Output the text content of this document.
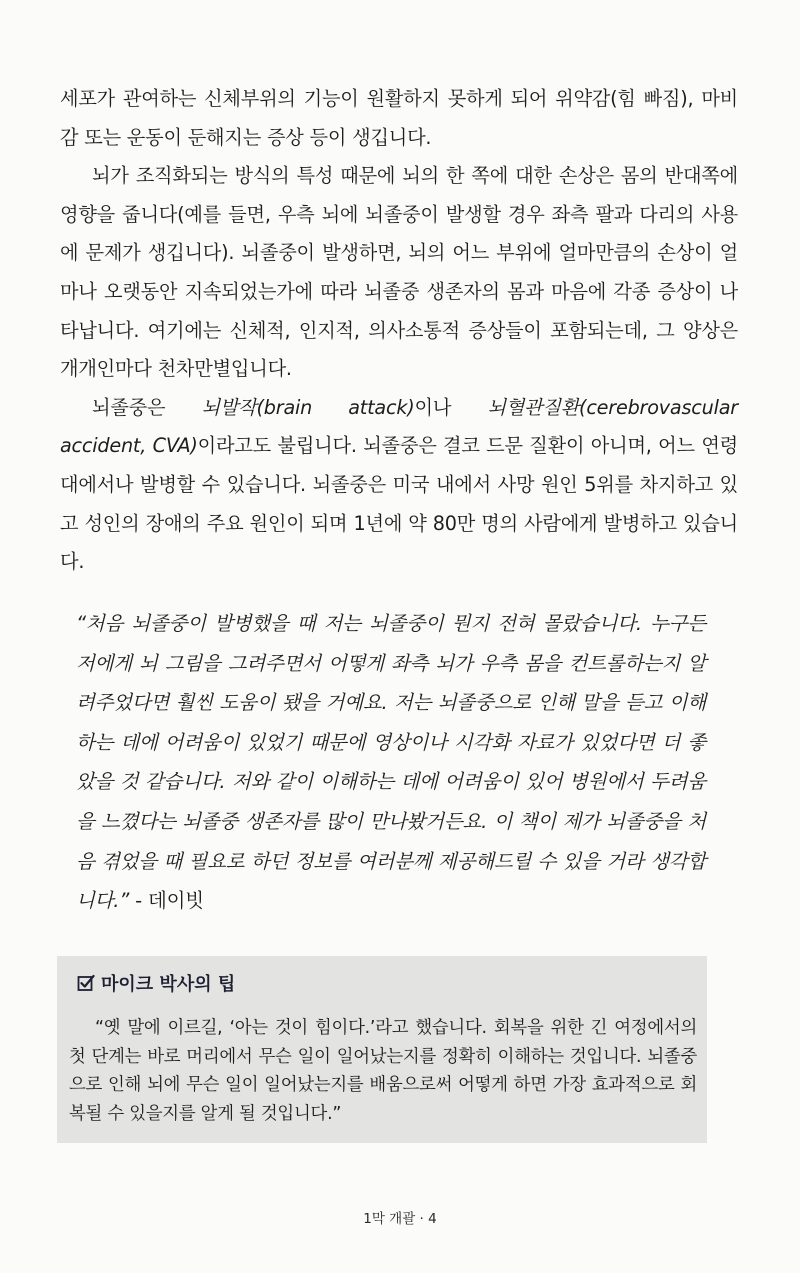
세포가 관여하는 신체부위의 기능이 원활하지 못하게 되어 위약감(힘 빠짐), 마비감 또는 운동이 둔해지는 증상 등이 생깁니다.

뇌가 조직화되는 방식의 특성 때문에 뇌의 한 쪽에 대한 손상은 몸의 반대쪽에 영향을 줍니다(예를 들면, 우측 뇌에 뇌졸중이 발생할 경우 좌측 팔과 다리의 사용에 문제가 생깁니다). 뇌졸중이 발생하면, 뇌의 어느 부위에 얼마만큼의 손상이 얼마나 오랫동안 지속되었는가에 따라 뇌졸중 생존자의 몸과 마음에 각종 증상이 나타납니다. 여기에는 신체적, 인지적, 의사소통적 증상들이 포함되는데, 그 양상은 개개인마다 천차만별입니다.

뇌졸중은 뇌발작(brain attack)이나 뇌혈관질환(cerebrovascular accident, CVA)이라고도 불립니다. 뇌졸중은 결코 드문 질환이 아니며, 어느 연령대에서나 발병할 수 있습니다. 뇌졸중은 미국 내에서 사망 원인 5위를 차지하고 있고 성인의 장애의 주요 원인이 되며 1년에 약 80만 명의 사람에게 발병하고 있습니다.

“처음 뇌졸중이 발병했을 때 저는 뇌졸중이 뭔지 전혀 몰랐습니다. 누구든 저에게 뇌 그림을 그려주면서 어떻게 좌측 뇌가 우측 몸을 컨트롤하는지 알려주었다면 훨씬 도움이 됐을 거예요. 저는 뇌졸중으로 인해 말을 듣고 이해하는 데에 어려움이 있었기 때문에 영상이나 시각화 자료가 있었다면 더 좋았을 것 같습니다. 저와 같이 이해하는 데에 어려움이 있어 병원에서 두려움을 느꼈다는 뇌졸중 생존자를 많이 만나봤거든요. 이 책이 제가 뇌졸중을 처음 겪었을 때 필요로 하던 정보를 여러분께 제공해드릴 수 있을 거라 생각합니다.” - 데이빗
마이크 박사의 팁
“옛 말에 이르길, ‘아는 것이 힘이다.’라고 했습니다. 회복을 위한 긴 여정에서의 첫 단계는 바로 머리에서 무슨 일이 일어났는지를 정확히 이해하는 것입니다. 뇌졸중으로 인해 뇌에 무슨 일이 일어났는지를 배움으로써 어떻게 하면 가장 효과적으로 회복될 수 있을지를 알게 될 것입니다.”
1막 개괄 · 4
